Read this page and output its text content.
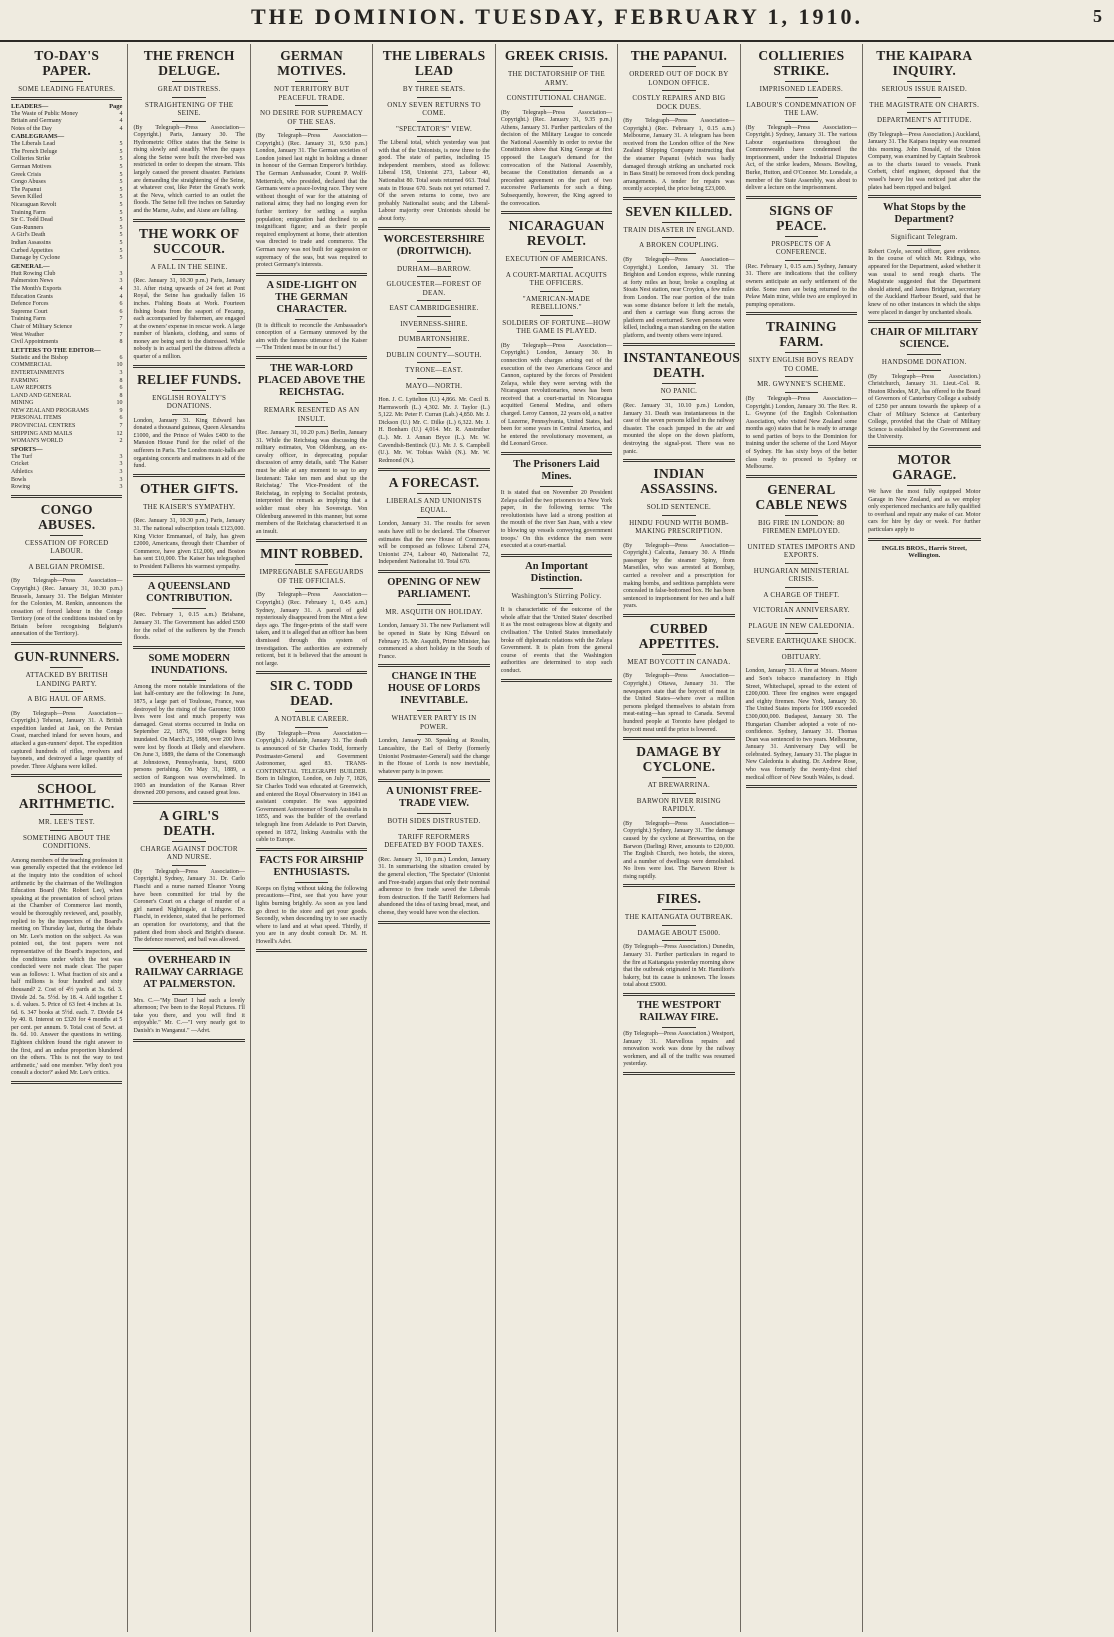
THE DOMINION. TUESDAY, FEBRUARY 1, 1910.	5
TO-DAY'S PAPER.
SOME LEADING FEATURES.
LEADERS—	Page
The Waste of Public Money	4
Britain and Germany	4
Notes of the Day	4
CABLEGRAMS—
The Liberals Lead	5
The French Deluge	5
Collieries Strike	5
German Motives	5
Greek Crisis	5
Congo Abuses	5
The Papanui	5
Seven Killed	5
Nicaraguan Revolt	5
Training Farm	5
Sir C. Todd Dead	5
Gun-Runners	5
A Girl's Death	5
Indian Assassins	5
Curbed Appetites	5
Damage by Cyclone	5
GENERAL—
Hutt Rowing Club	3
Palmerston News	3
The Month's Exports	4
Education Grants	4
Defence Forces	6
Supreme Court	6
Training Farm	7
Chair of Military Science	7
West Weather	7
Civil Appointments	8
LETTERS TO THE EDITOR—
Statistic and the Bishop	6
COMMERCIAL	10
ENTERTAINMENTS	3
FARMING	8
LAW REPORTS	6
LAND AND GENERAL	8
MINING	10
NEW ZEALAND PROGRAMS	9
PERSONAL ITEMS	6
PROVINCIAL CENTRES	7
SHIPPING AND MAILS	12
WOMAN'S WORLD	2
SPORTS—
The Turf	3
Cricket	3
Athletics	3
Bowls	3
Rowing	3
CONGO ABUSES.
CESSATION OF FORCED LABOUR.
A BELGIAN PROMISE.

(By Telegraph—Press Association—Copyright.) (Rec. January 31, 10.30 p.m.) Brussels, January 31. The Belgian Minister for the Colonies, M. Renkin, announces the cessation of forced labour in the Congo Territory (one of the conditions insisted on by Britain before recognising Belgium's annexation of the Territory).

GUN-RUNNERS.
ATTACKED BY BRITISH LANDING PARTY.
A BIG HAUL OF ARMS.

(By Telegraph—Press Association—Copyright.) Teheran, January 31. A British expedition landed at Jask, on the Persian Coast, marched inland for seven hours, and attacked a gun-runners' depot. The expedition captured hundreds of rifles, revolvers and bayonets, and destroyed a large quantity of powder. Three Afghans were killed.

SCHOOL ARITHMETIC.
MR. LEE'S TEST.
SOMETHING ABOUT THE CONDITIONS.

Among members of the teaching profession it was generally expected that the evidence led at the inquiry into the condition of school arithmetic by the chairman of the Wellington Education Board (Mr. Robert Lee), when speaking at the presentation of school prizes at the Chamber of Commerce last month, would be thoroughly reviewed, and, possibly, replied to by the inspectors of the Board's meeting on Thursday last, during the debate on Mr. Lee's motion on the subject. As was pointed out, the test papers were not representative of the Board's inspectors, and the conditions under which the test was conducted were not made clear. The paper was as follows: 1. What fraction of six and a half millions is four hundred and sixty thousand? 2. Cost of 4½ yards at 3s. 6d. 3. Divide 2d. 5s. 5½d. by 18. 4. Add together £ s. d. values. 5. Price of 63 feet 4 inches at 1s. 6d. 6. 347 books at 5½d. each. 7. Divide £4 by 40. 8. Interest on £320 for 4 months at 5 per cent. per annum. 9. Total cost of 5cwt. at 8s. 6d. 10. Answer the questions in writing. Eighteen children found the right answer to the first, and an undue proportion blundered on the others. 'This is not the way to test arithmetic,' said one member. 'Why don't you consult a doctor?' asked Mr. Lee's critics.

THE FRENCH DELUGE.
GREAT DISTRESS.
STRAIGHTENING OF THE SEINE.

(By Telegraph—Press Association—Copyright.) Paris, January 30. The Hydrometric Office states that the Seine is rising slowly and steadily. When the quays along the Seine were built the river-bed was restricted in order to deepen the stream. This largely caused the present disaster. Parisians are demanding the straightening of the Seine, at whatever cost, like Peter the Great's work at the Neva, which carried to an outlet the floods. The Seine fell five inches on Saturday and the Marne, Aube, and Aisne are falling.

THE WORK OF SUCCOUR.
A FALL IN THE SEINE.

(Rec. January 31, 10.30 p.m.) Paris, January 31. After rising upwards of 24 feet at Pont Royal, the Seine has gradually fallen 16 inches. Fishing Boats at Work. Fourteen fishing boats from the seaport of Fecamp, each accompanied by fishermen, are engaged at the owners' expense in rescue work. A large number of blankets, clothing, and sums of money are being sent to the distressed. While nobody is in actual peril the distress affects a quarter of a million.

RELIEF FUNDS.
ENGLISH ROYALTY'S DONATIONS.

London, January 31. King Edward has donated a thousand guineas, Queen Alexandra £1000, and the Prince of Wales £400 to the Mansion House Fund for the relief of the sufferers in Paris. The London music-halls are organising concerts and matinees in aid of the fund.

OTHER GIFTS.
THE KAISER'S SYMPATHY.

(Rec. January 31, 10.30 p.m.) Paris, January 31. The national subscription totals £123,000. King Victor Emmanuel, of Italy, has given £2000, Americans, through their Chamber of Commerce, have given £12,000, and Boston has sent £10,000. The Kaiser has telegraphed to President Fallieres his warmest sympathy.

A QUEENSLAND CONTRIBUTION.

(Rec. February 1, 0.15 a.m.) Brisbane, January 31. The Government has added £500 for the relief of the sufferers by the French floods.

SOME MODERN INUNDATIONS.

Among the more notable inundations of the last half-century are the following: In June, 1875, a large part of Toulouse, France, was destroyed by the rising of the Garonne; 1000 lives were lost and much property was damaged. Great storms occurred in India on September 22, 1876, 150 villages being inundated. On March 25, 1888, over 200 lives were lost by floods at Ilkely and elsewhere. On June 3, 1889, the dams of the Conemaugh at Johnstown, Pennsylvania, burst, 6000 persons perishing. On May 31, 1889, a section of Rangoon was overwhelmed. In 1903 an inundation of the Kansas River drowned 200 persons, and caused great loss.

A GIRL'S DEATH.
CHARGE AGAINST DOCTOR AND NURSE.

(By Telegraph—Press Association—Copyright.) Sydney, January 31. Dr. Carlo Fiaschi and a nurse named Eleanor Young have been committed for trial by the Coroner's Court on a charge of murder of a girl named Nightingale, at Lithgow. Dr. Fiaschi, in evidence, stated that he performed an operation for ovariotomy, and that the patient died from shock and Bright's disease. The defence reserved, and bail was allowed.

OVERHEARD IN RAILWAY CARRIAGE AT PALMERSTON.

Mrs. C.—"My Dear! I had such a lovely afternoon; I've been to the Royal Pictures. I'll take you there, and you will find it enjoyable." Mr. C.—"I very nearly got to Danish's in Wanganui." —Advt.

GERMAN MOTIVES.
NOT TERRITORY BUT PEACEFUL TRADE.
NO DESIRE FOR SUPREMACY OF THE SEAS.

(By Telegraph—Press Association—Copyright.) (Rec. January 31, 9.50 p.m.) London, January 31. The German societies of London joined last night in holding a dinner in honour of the German Emperor's birthday. The German Ambassador, Count P. Wolff-Metternich, who presided, declared that the Germans were a peace-loving race. They were without thought of war for the attaining of national aims; they had no longing even for further territory for settling a surplus population; emigration had declined to an insignificant figure; and as their people required employment at home, their attention was directed to trade and commerce. The German navy was not built for aggression or supremacy of the seas, but was required to protect Germany's interests.

A SIDE-LIGHT ON THE GERMAN CHARACTER.

(It is difficult to reconcile the Ambassador's conception of a Germany unmoved by the aim with the famous utterance of the Kaiser—'The Trident must be in our fist.')

THE WAR-LORD PLACED ABOVE THE REICHSTAG.
REMARK RESENTED AS AN INSULT.

(Rec. January 31, 10.20 p.m.) Berlin, January 31. While the Reichstag was discussing the military estimates, Von Oldenburg, an ex-cavalry officer, in deprecating popular discussion of army details, said: 'The Kaiser must be able at any moment to say to any lieutenant: Take ten men and shut up the Reichstag.' The Vice-President of the Reichstag, in replying to Socialist protests, interpreted the remark as implying that a soldier must obey his Sovereign. Von Oldenburg answered in this manner, but some members of the Reichstag characterised it as an insult.

MINT ROBBED.
IMPREGNABLE SAFEGUARDS OF THE OFFICIALS.

(By Telegraph—Press Association—Copyright.) (Rec. February 1, 0.45 a.m.) Sydney, January 31. A parcel of gold mysteriously disappeared from the Mint a few days ago. The finger-prints of the staff were taken, and it is alleged that an officer has been dismissed through this system of investigation. The authorities are extremely reticent, but it is believed that the amount is not large.

SIR C. TODD DEAD.
A NOTABLE CAREER.

(By Telegraph—Press Association—Copyright.) Adelaide, January 31. The death is announced of Sir Charles Todd, formerly Postmaster-General and Government Astronomer, aged 83. TRANS-CONTINENTAL TELEGRAPH BUILDER. Born in Islington, London, on July 7, 1826, Sir Charles Todd was educated at Greenwich, and entered the Royal Observatory in 1841 as assistant computer. He was appointed Government Astronomer of South Australia in 1855, and was the builder of the overland telegraph line from Adelaide to Port Darwin, opened in 1872, linking Australia with the cable to Europe.

FACTS FOR AIRSHIP ENTHUSIASTS.

Keeps on flying without taking the following precautions—First, see that you have your lights burning brightly. As soon as you land go direct to the store and get your goods. Secondly, when descending try to see exactly where to land and at what speed. Thirdly, if you are in any doubt consult Dr. M. H. Howell's Advt.

THE LIBERALS LEAD
BY THREE SEATS.
ONLY SEVEN RETURNS TO COME.
"SPECTATOR'S" VIEW.

The Liberal total, which yesterday was just with that of the Unionists, is now three to the good. The state of parties, including 15 independent members, stood as follows: Liberal 158, Unionist 273, Labour 40, Nationalist 80. Total seats returned 663. Total seats in House 670. Seats not yet returned 7. Of the seven returns to come, two are probably Nationalist seats; and the Liberal-Labour majority over Unionists should be about forty.

WORCESTERSHIRE (DROITWICH).
DURHAM—BARROW.
GLOUCESTER—FOREST OF DEAN.
EAST CAMBRIDGESHIRE.
INVERNESS-SHIRE.
DUMBARTONSHIRE.
DUBLIN COUNTY—SOUTH.
TYRONE—EAST.
MAYO—NORTH.

Hon. J. C. Lyttelton (U.) 4,866. Mr. Cecil B. Harmsworth (L.) 4,302. Mr. J. Taylor (L.) 5,122. Mr. Peter F. Curran (Lab.) 4,850. Mr. J. Dickson (U.) Mr. C. Dilke (L.) 6,322. Mr. J. H. Bonham (U.) 4,014. Mr. R. Anstruther (L.). Mr. J. Annan Bryce (L.). Mr. W. Cavendish-Bentinck (U.). Mr. J. S. Campbell (U.). Mr. W. Tobias Walsh (N.). Mr. W. Redmond (N.).

A FORECAST.
LIBERALS AND UNIONISTS EQUAL.

London, January 31. The results for seven seats have still to be declared. The Observer estimates that the new House of Commons will be composed as follows: Liberal 274, Unionist 274, Labour 40, Nationalist 72, Independent Nationalist 10. Total 670.

OPENING OF NEW PARLIAMENT.
MR. ASQUITH ON HOLIDAY.

London, January 31. The new Parliament will be opened in State by King Edward on February 15. Mr. Asquith, Prime Minister, has commenced a short holiday in the South of France.

CHANGE IN THE HOUSE OF LORDS INEVITABLE.
WHATEVER PARTY IS IN POWER.

London, January 30. Speaking at Rosslin, Lancashire, the Earl of Derby (formerly Unionist Postmaster-General) said the change in the House of Lords is now inevitable, whatever party is in power.

A UNIONIST FREE-TRADE VIEW.
BOTH SIDES DISTRUSTED.
TARIFF REFORMERS DEFEATED BY FOOD TAXES.

(Rec. January 31, 10 p.m.) London, January 31. In summarising the situation created by the general election, 'The Spectator' (Unionist and Free-trade) argues that only their nominal adherence to free trade saved the Liberals from destruction. If the Tariff Reformers had abandoned the idea of taxing bread, meat, and cheese, they would have won the election.

GREEK CRISIS.
THE DICTATORSHIP OF THE ARMY.
CONSTITUTIONAL CHANGE.

(By Telegraph—Press Association—Copyright.) (Rec. January 31, 9.35 p.m.) Athens, January 31. Further particulars of the decision of the Military League to concede the National Assembly in order to revise the Constitution show that King George at first opposed the League's demand for the convocation of the National Assembly, because the Constitution demands as a precedent agreement on the part of two successive Parliaments for such a thing. Subsequently, however, the King agreed to the convocation.

NICARAGUAN REVOLT.
EXECUTION OF AMERICANS.
A COURT-MARTIAL ACQUITS THE OFFICERS.
"AMERICAN-MADE REBELLIONS."
SOLDIERS OF FORTUNE—HOW THE GAME IS PLAYED.

(By Telegraph—Press Association—Copyright.) London, January 30. In connection with charges arising out of the execution of the two Americans Groce and Cannon, captured by the forces of President Zelaya, while they were serving with the Nicaraguan revolutionaries, news has been received that a court-martial in Nicaragua acquitted General Medina, and others charged. Leroy Cannon, 22 years old, a native of Luzerne, Pennsylvania, United States, had been for some years in Central America, and he entered the revolutionary movement, as did Leonard Groce.

The Prisoners Laid Mines.

It is stated that on November 20 President Zelaya called the two prisoners to a New York paper, in the following terms: 'The revolutionists have laid a strong position at the mouth of the river San Juan, with a view to blowing up vessels conveying government troops.' On this evidence the men were executed at a court-martial.

An Important Distinction.
Washington's Stirring Policy.

It is characteristic of the outcome of the whole affair that the 'United States' described it as 'the most outrageous blow at dignity and civilisation.' The United States immediately broke off diplomatic relations with the Zelaya Government. It is plain from the general course of events that the Washington authorities are determined to stop such conduct.

THE PAPANUI.
ORDERED OUT OF DOCK BY LONDON OFFICE.
COSTLY REPAIRS AND BIG DOCK DUES.

(By Telegraph—Press Association—Copyright.) (Rec. February 1, 0.15 a.m.) Melbourne, January 31. A telegram has been received from the London office of the New Zealand Shipping Company instructing that the steamer Papanui (which was badly damaged through striking an uncharted rock in Bass Strait) be removed from dock pending arrangements. A tender for repairs was recently accepted, the price being £23,000.

SEVEN KILLED.
TRAIN DISASTER IN ENGLAND.
A BROKEN COUPLING.

(By Telegraph—Press Association—Copyright.) London, January 31. The Brighton and London express, while running at forty miles an hour, broke a coupling at Stoats Nest station, near Croydon, a few miles from London. The rear portion of the train was some distance before it left the metals, and then a carriage was flung across the platform and overturned. Seven persons were killed, including a man standing on the station platform, and twenty others were injured.

INSTANTANEOUS DEATH.
NO PANIC.

(Rec. January 31, 10.10 p.m.) London, January 31. Death was instantaneous in the case of the seven persons killed in the railway disaster. The coach jumped in the air and mounted the slope on the down platform, destroying the signal-post. There was no panic.

INDIAN ASSASSINS.
SOLID SENTENCE.
HINDU FOUND WITH BOMB-MAKING PRESCRIPTION.

(By Telegraph—Press Association—Copyright.) Calcutta, January 30. A Hindu passenger by the steamer Spiny, from Marseilles, who was arrested at Bombay, carried a revolver and a prescription for making bombs, and seditious pamphlets were concealed in false-bottomed box. He has been sentenced to imprisonment for two and a half years.

CURBED APPETITES.
MEAT BOYCOTT IN CANADA.

(By Telegraph—Press Association—Copyright.) Ottawa, January 31. The newspapers state that the boycott of meat in the United States—where over a million persons pledged themselves to abstain from meat-eating—has spread to Canada. Several hundred people at Toronto have pledged to boycott meat until the price is lowered.

DAMAGE BY CYCLONE.
AT BREWARRINA.
BARWON RIVER RISING RAPIDLY.

(By Telegraph—Press Association—Copyright.) Sydney, January 31. The damage caused by the cyclone at Brewarrina, on the Barwon (Darling) River, amounts to £20,000. The English Church, two hotels, the stores, and a number of dwellings were demolished. No lives were lost. The Barwon River is rising rapidly.

FIRES.
THE KAITANGATA OUTBREAK.
DAMAGE ABOUT £5000.

(By Telegraph—Press Association.) Dunedin, January 31. Further particulars in regard to the fire at Kaitangata yesterday morning show that the outbreak originated in Mr. Hamilton's bakery, but its cause is unknown. The losses total about £5000.

THE WESTPORT RAILWAY FIRE.

(By Telegraph—Press Association.) Westport, January 31. Marvellous repairs and renovation work was done by the railway workmen, and all of the traffic was resumed yesterday.

COLLIERIES STRIKE.
IMPRISONED LEADERS.
LABOUR'S CONDEMNATION OF THE LAW.

(By Telegraph—Press Association—Copyright.) Sydney, January 31. The various Labour organisations throughout the Commonwealth have condemned the imprisonment, under the Industrial Disputes Act, of the strike leaders, Messrs. Bowling, Burke, Hutton, and O'Connor. Mr. Lonsdale, a member of the State Assembly, was about to deliver a lecture on the imprisonment.

SIGNS OF PEACE.
PROSPECTS OF A CONFERENCE.

(Rec. February 1, 0.15 a.m.) Sydney, January 31. There are indications that the colliery owners anticipate an early settlement of the strike. Some men are being returned to the Pelaw Main mine, while two are employed in pumping operations.

TRAINING FARM.
SIXTY ENGLISH BOYS READY TO COME.
MR. GWYNNE'S SCHEME.

(By Telegraph—Press Association—Copyright.) London, January 30. The Rev. R. L. Gwynne (of the English Colonisation Association, who visited New Zealand some months ago) states that he is ready to arrange to send parties of boys to the Dominion for training under the scheme of the Lord Mayor of Sydney. He has sixty boys of the better class ready to proceed to Sydney or Melbourne.

GENERAL CABLE NEWS
BIG FIRE IN LONDON: 80 FIREMEN EMPLOYED.
UNITED STATES IMPORTS AND EXPORTS.
HUNGARIAN MINISTERIAL CRISIS.
A CHARGE OF THEFT.
VICTORIAN ANNIVERSARY.
PLAGUE IN NEW CALEDONIA.
SEVERE EARTHQUAKE SHOCK.
OBITUARY.

London, January 31. A fire at Messrs. Moore and Son's tobacco manufactory in High Street, Whitechapel, spread to the extent of £200,000. Three fire engines were engaged and eighty firemen. New York, January 30. The United States imports for 1909 exceeded £300,000,000. Budapest, January 30. The Hungarian Chamber adopted a vote of no-confidence. Sydney, January 31. Thomas Dean was sentenced to two years. Melbourne, January 31. Anniversary Day will be celebrated. Sydney, January 31. The plague in New Caledonia is abating. Dr. Andrew Rose, who was formerly the twenty-first chief medical officer of New South Wales, is dead.

THE KAIPARA INQUIRY.
SERIOUS ISSUE RAISED.
THE MAGISTRATE ON CHARTS.
DEPARTMENT'S ATTITUDE.

(By Telegraph—Press Association.) Auckland, January 31. The Kaipara inquiry was resumed this morning. John Donald, of the Union Company, was examined by Captain Seabrook as to the charts issued to vessels. Frank Corbett, chief engineer, deposed that the vessel's heavy list was noticed just after the plates had been ripped and bulged.

What Stops by the Department?
Significant Telegram.

Robert Coyle, second officer, gave evidence. In the course of which Mr. Ridings, who appeared for the Department, asked whether it was usual to send rough charts. The Magistrate suggested that the Department should attend, and James Bridgman, secretary of the Auckland Harbour Board, said that he knew of no other instances in which the ships were placed in danger by unchanted shoals.

CHAIR OF MILITARY SCIENCE.
HANDSOME DONATION.

(By Telegraph—Press Association.) Christchurch, January 31. Lieut.-Col. R. Heaton Rhodes, M.P., has offered to the Board of Governors of Canterbury College a subsidy of £250 per annum towards the upkeep of a Chair of Military Science at Canterbury College, provided that the Chair of Military Science is established by the Government and the University.

MOTOR GARAGE.

We have the most fully equipped Motor Garage in New Zealand, and as we employ only experienced mechanics are fully qualified to overhaul and repair any make of car. Motor cars for hire by day or week. For further particulars apply to

INGLIS BROS., Harris Street, Wellington.
